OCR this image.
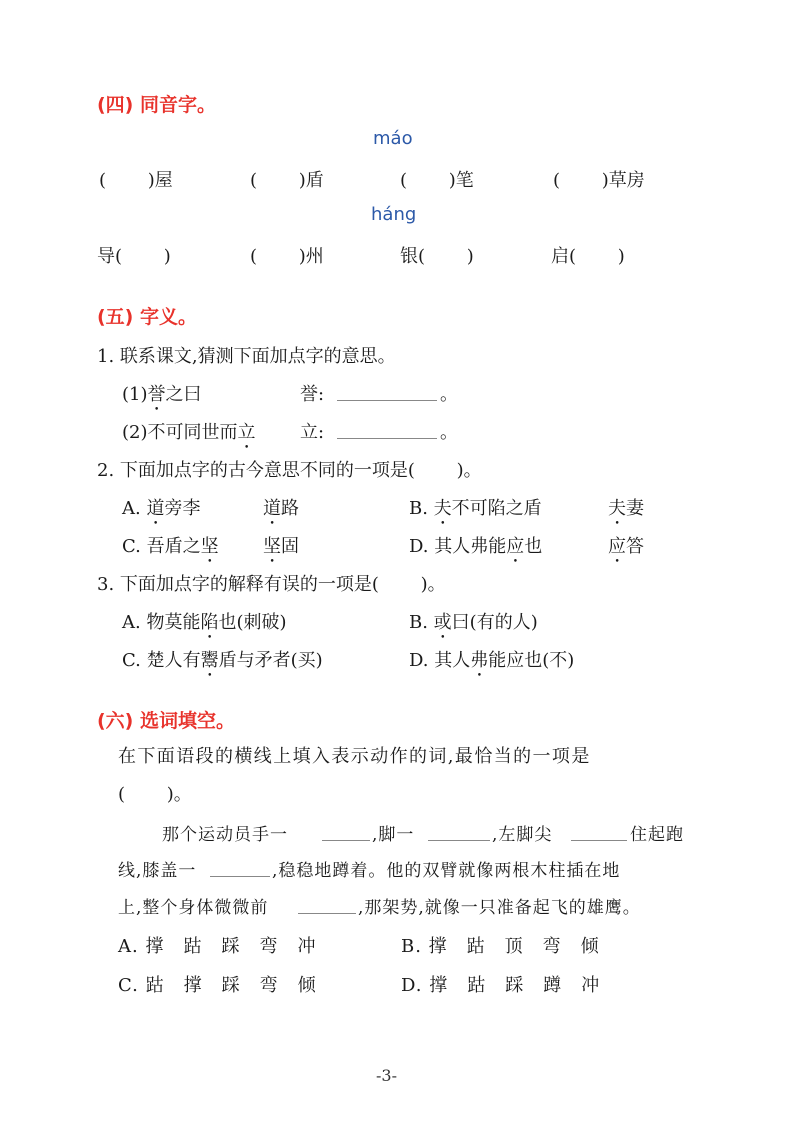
(四) 同音字。
máo
(　 　)屋	(　 　)盾	(　 　)笔	(　 　)草房
háng
导(　 　)	(　 　)州	银(　 　)	启(　 　)
(五) 字义。
1. 联系课文,猜测下面加点字的意思。
(1)誉之曰	誉:	。
(2)不可同世而立 立:	。
2. 下面加点字的古今意思不同的一项是(　 　)。
A. 道旁李	道路	B. 夫不可陷之盾	夫妻
C. 吾盾之坚 坚固	D. 其人弗能应也	应答
3. 下面加点字的解释有误的一项是(　 　)。
A. 物莫能陷也(刺破)	B. 或曰(有的人)
C. 楚人有鬻盾与矛者(买)	D. 其人弗能应也(不)
(六) 选词填空。
在下面语段的横线上填入表示动作的词,最恰当的一项是
(　 　)。
那个运动员手一	,脚一	,左脚尖	住起跑
线,膝盖一	,稳稳地蹲着。他的双臂就像两根木柱插在地
上,整个身体微微前	,那架势,就像一只准备起飞的雄鹰。
A. 撑　跍　踩　弯　冲	B. 撑　跍　顶　弯　倾
C. 跍　撑　踩　弯　倾	D. 撑　跍　踩　蹲　冲
-3-
